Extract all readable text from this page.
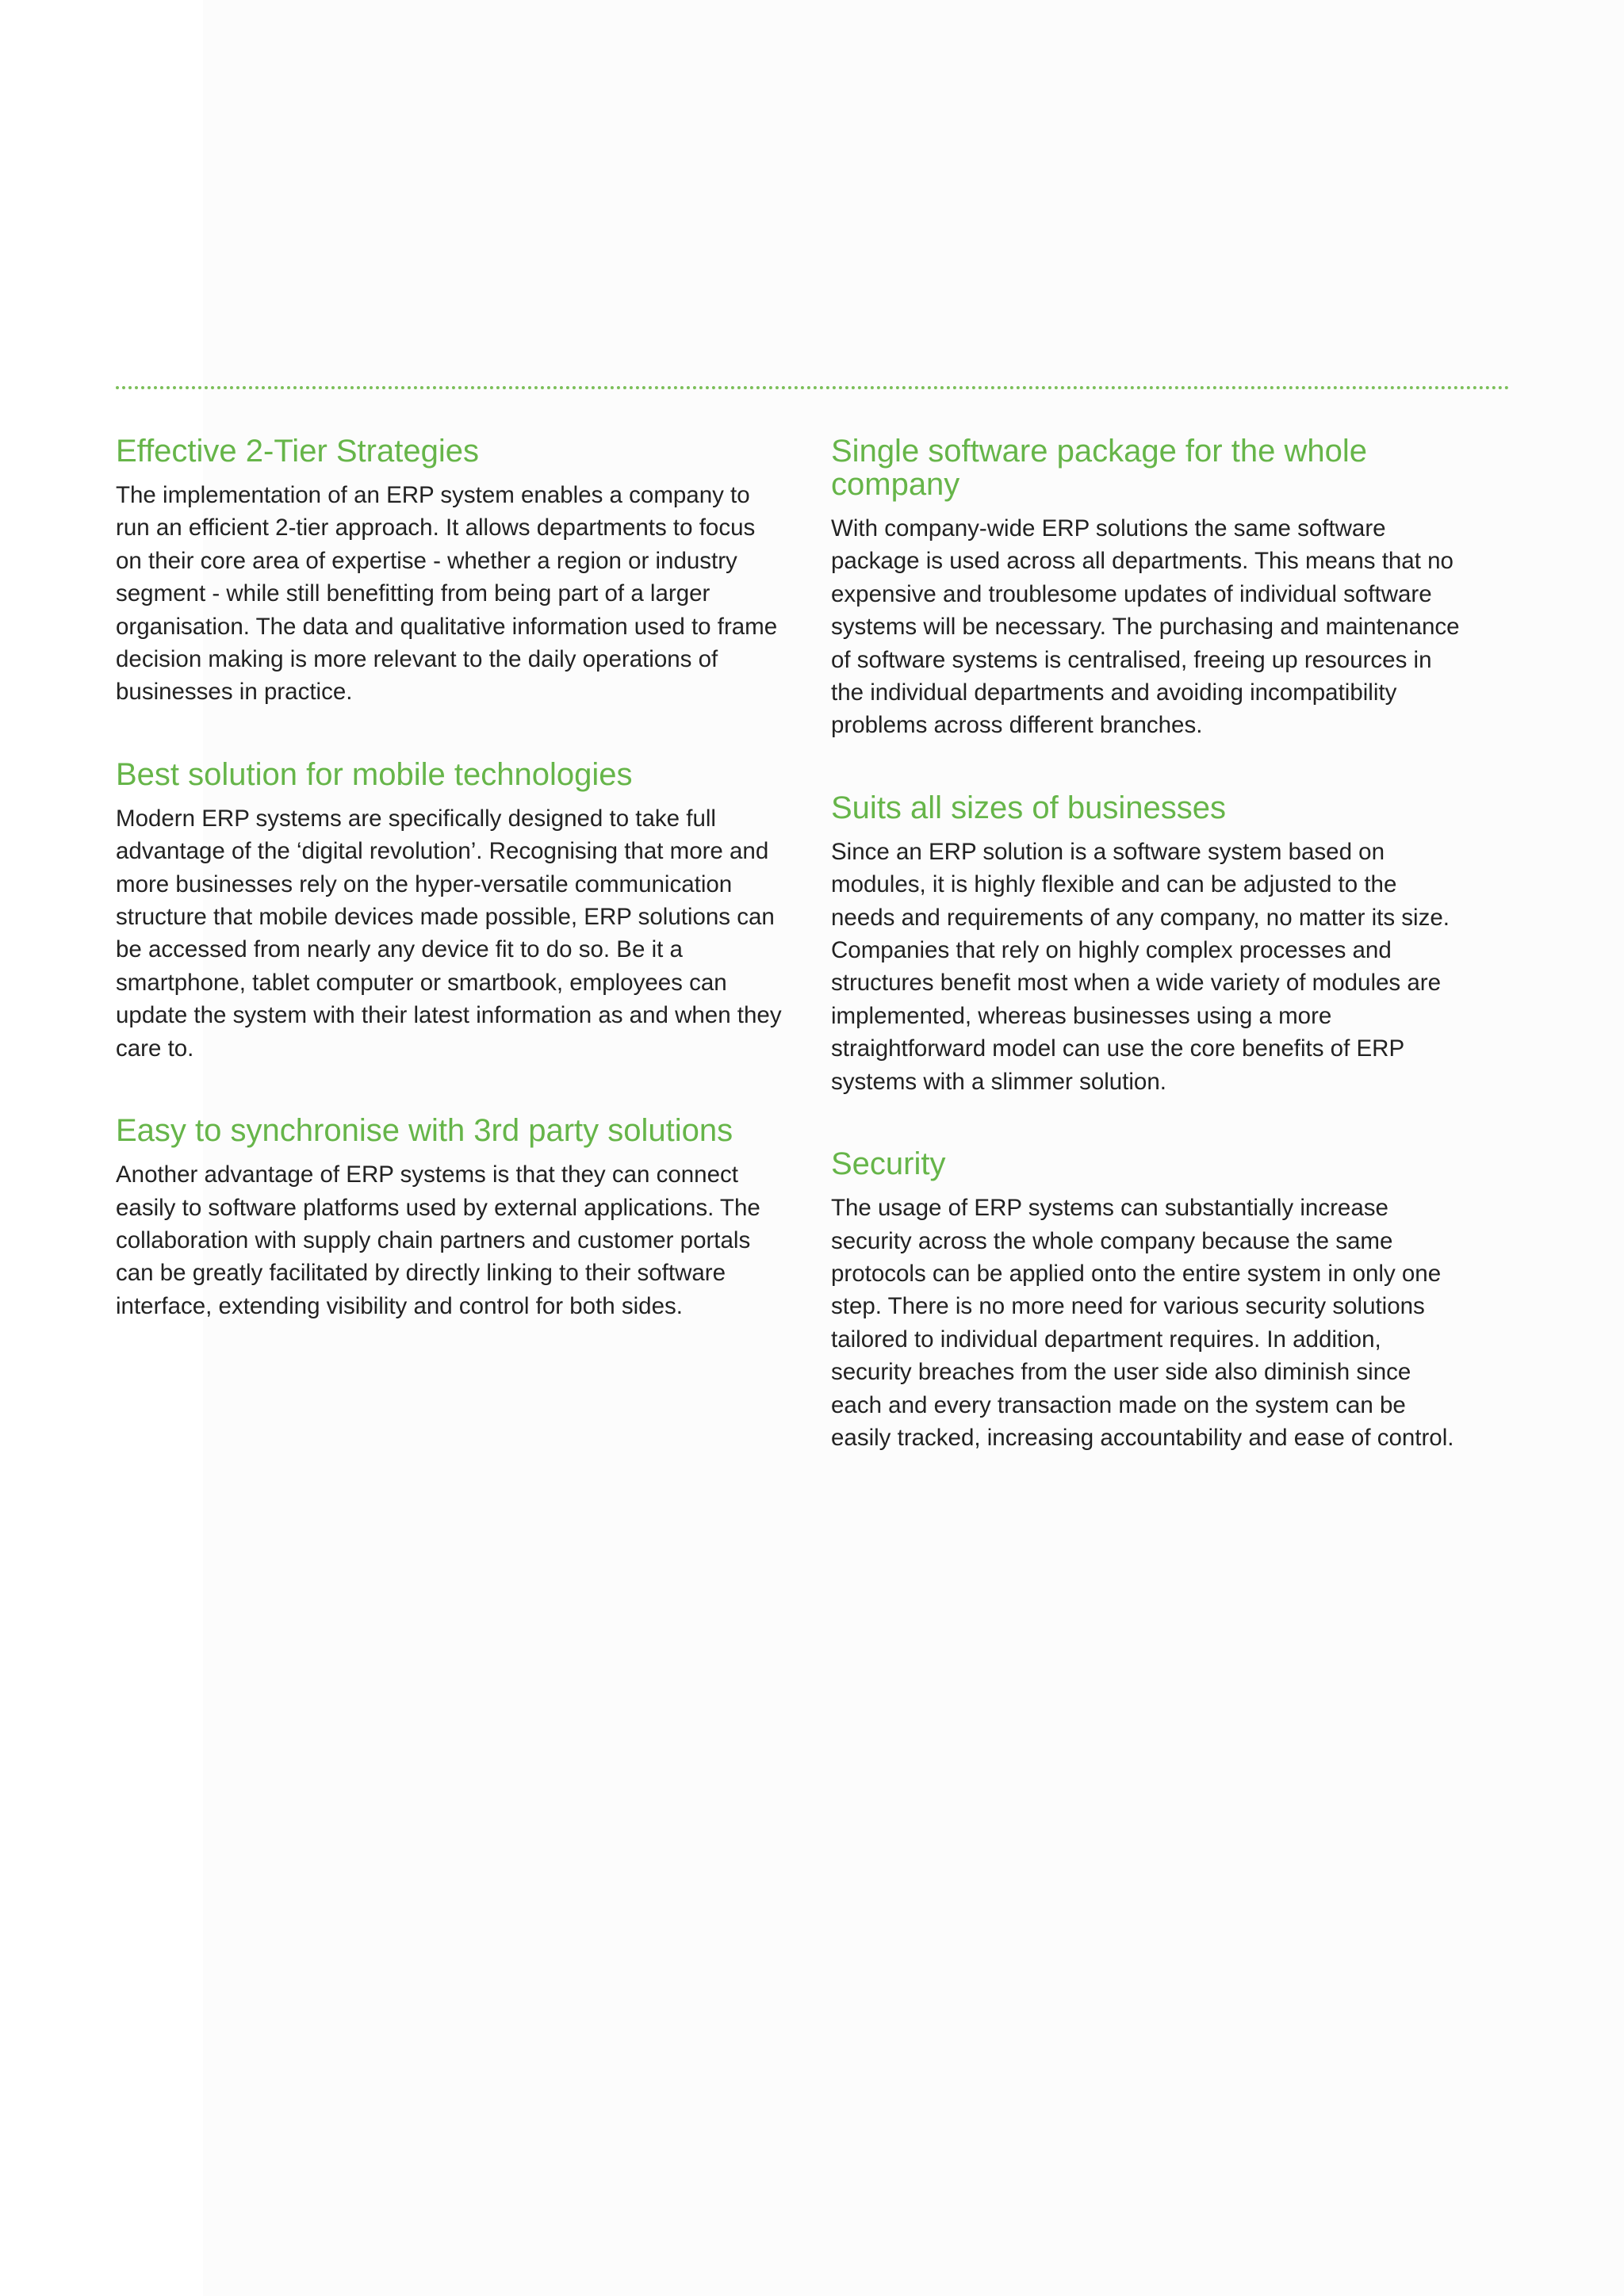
Effective 2-Tier Strategies

The implementation of an ERP system enables a company to run an efficient 2-tier approach. It allows departments to focus on their core area of expertise - whether a region or industry segment - while still benefitting from being part of a larger organisation. The data and qualitative information used to frame decision making is more relevant to the daily operations of businesses in practice.

Best solution for mobile technologies

Modern ERP systems are specifically designed to take full advantage of the ‘digital revolution’. Recognising that more and more businesses rely on the hyper-versatile communication structure that mobile devices made possible, ERP solutions can be accessed from nearly any device fit to do so. Be it a smartphone, tablet computer or smartbook, employees can update the system with their latest information as and when they care to.

Easy to synchronise with 3rd party solutions

Another advantage of ERP systems is that they can connect easily to software platforms used by external applications. The collaboration with supply chain partners and customer portals can be greatly facilitated by directly linking to their software interface, extending visibility and control for both sides.

Single software package for the whole company

With company-wide ERP solutions the same software package is used across all departments. This means that no expensive and troublesome updates of individual software systems will be necessary. The purchasing and maintenance of software systems is centralised, freeing up resources in the individual departments and avoiding incompatibility problems across different branches.

Suits all sizes of businesses

Since an ERP solution is a software system based on modules, it is highly flexible and can be adjusted to the needs and requirements of any company, no matter its size. Companies that rely on highly complex processes and structures benefit most when a wide variety of modules are implemented, whereas businesses using a more straightforward model can use the core benefits of ERP systems with a slimmer solution.

Security

The usage of ERP systems can substantially increase security across the whole company because the same protocols can be applied onto the entire system in only one step. There is no more need for various security solutions tailored to individual department requires. In addition, security breaches from the user side also diminish since each and every transaction made on the system can be easily tracked, increasing accountability and ease of control.
